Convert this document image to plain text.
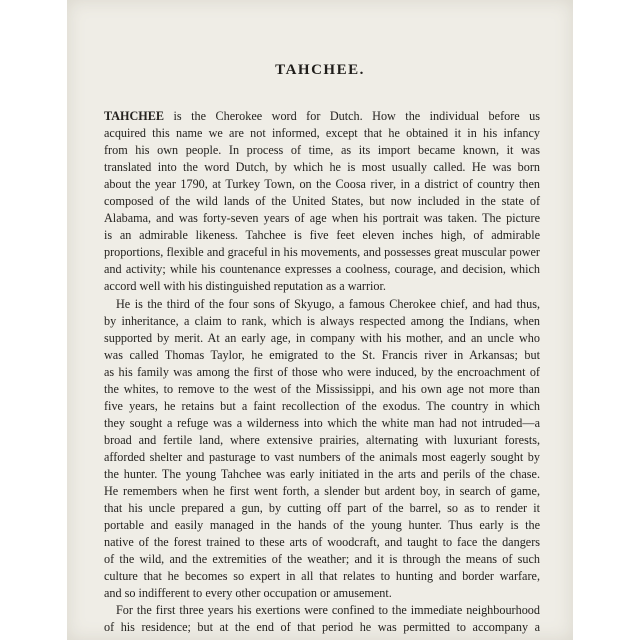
TAHCHEE.
TAHCHEE is the Cherokee word for Dutch. How the individual before us
acquired this name we are not informed, except that he obtained it in his infancy
from his own people. In process of time, as its import became known, it was
translated into the word Dutch, by which he is most usually called. He was born
about the year 1790, at Turkey Town, on the Coosa river, in a district of country then
composed of the wild lands of the United States, but now included in the state of
Alabama, and was forty-seven years of age when his portrait was taken. The picture
is an admirable likeness. Tahchee is five feet eleven inches high, of admirable
proportions, flexible and graceful in his movements, and possesses great muscular power
and activity; while his countenance expresses a coolness, courage, and decision, which
accord well with his distinguished reputation as a warrior.
He is the third of the four sons of Skyugo, a famous Cherokee chief, and had thus,
by inheritance, a claim to rank, which is always respected among the Indians, when
supported by merit. At an early age, in company with his mother, and an uncle who
was called Thomas Taylor, he emigrated to the St. Francis river in Arkansas; but
as his family was among the first of those who were induced, by the encroachment of
the whites, to remove to the west of the Mississippi, and his own age not more than
five years, he retains but a faint recollection of the exodus. The country in which
they sought a refuge was a wilderness into which the white man had not intruded—a
broad and fertile land, where extensive prairies, alternating with luxuriant forests,
afforded shelter and pasturage to vast numbers of the animals most eagerly sought by
the hunter. The young Tahchee was early initiated in the arts and perils of the chase.
He remembers when he first went forth, a slender but ardent boy, in search of game,
that his uncle prepared a gun, by cutting off part of the barrel, so as to render it
portable and easily managed in the hands of the young hunter. Thus early is the
native of the forest trained to these arts of woodcraft, and taught to face the dangers
of the wild, and the extremities of the weather; and it is through the means of such
culture that he becomes so expert in all that relates to hunting and border warfare,
and so indifferent to every other occupation or amusement.
For the first three years his exertions were confined to the immediate neighbourhood
of his residence; but at the end of that period he was permitted to accompany a
